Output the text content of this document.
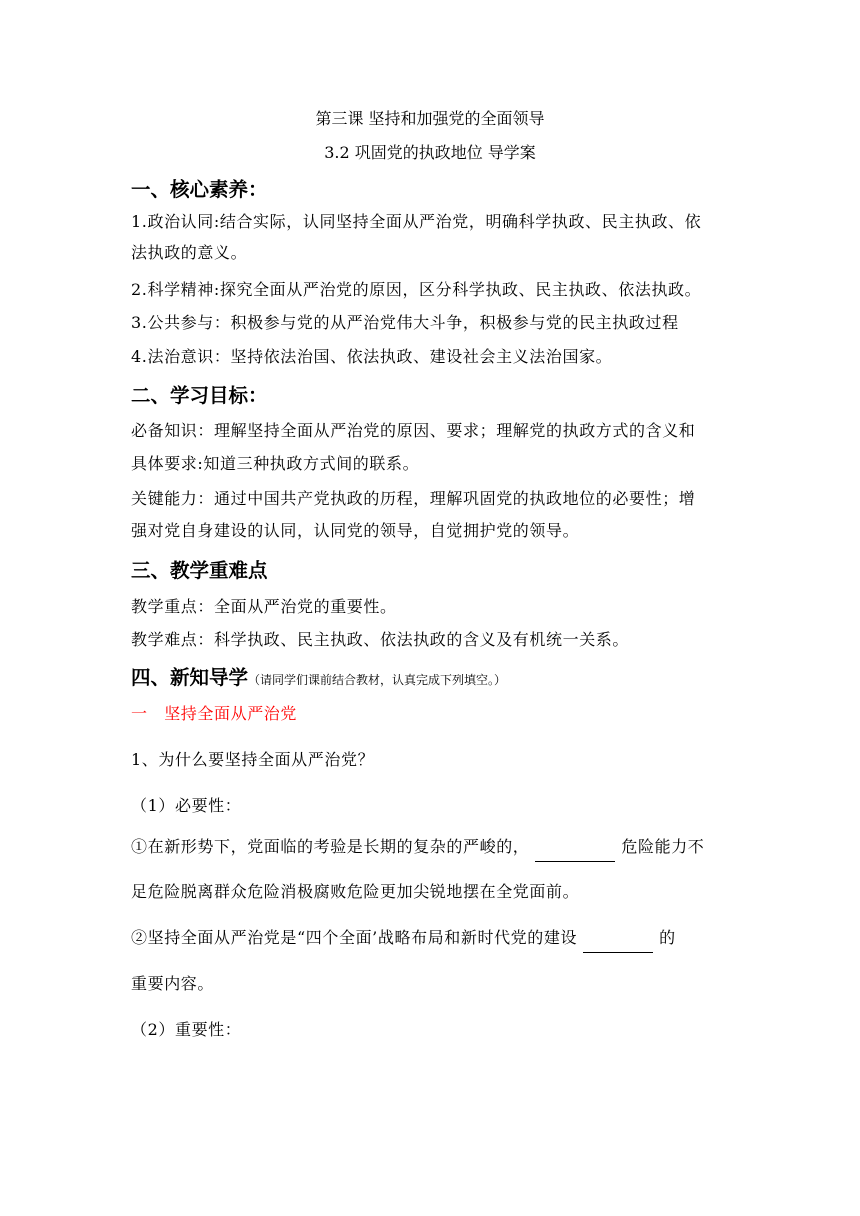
第三课 坚持和加强党的全面领导
3.2 巩固党的执政地位 导学案
一、核心素养：
1.政治认同:结合实际，认同坚持全面从严治党，明确科学执政、民主执政、依
法执政的意义。
2.科学精神:探究全面从严治党的原因，区分科学执政、民主执政、依法执政。
3.公共参与：积极参与党的从严治党伟大斗争，积极参与党的民主执政过程
4.法治意识：坚持依法治国、依法执政、建设社会主义法治国家。
二、学习目标：
必备知识：理解坚持全面从严治党的原因、要求；理解党的执政方式的含义和
具体要求:知道三种执政方式间的联系。
关键能力：通过中国共产党执政的历程，理解巩固党的执政地位的必要性；增
强对党自身建设的认同，认同党的领导，自觉拥护党的领导。
三、教学重难点
教学重点：全面从严治党的重要性。
教学难点：科学执政、民主执政、依法执政的含义及有机统一关系。
四、新知导学（请同学们课前结合教材，认真完成下列填空。）
一　坚持全面从严治党
1、为什么要坚持全面从严治党？
（1）必要性：
①在新形势下，党面临的考验是长期的复杂的严峻的，	危险能力不
足危险脱离群众危险消极腐败危险更加尖锐地摆在全党面前。
②坚持全面从严治党是“四个全面’战略布局和新时代党的建设	的
重要内容。
（2）重要性：
